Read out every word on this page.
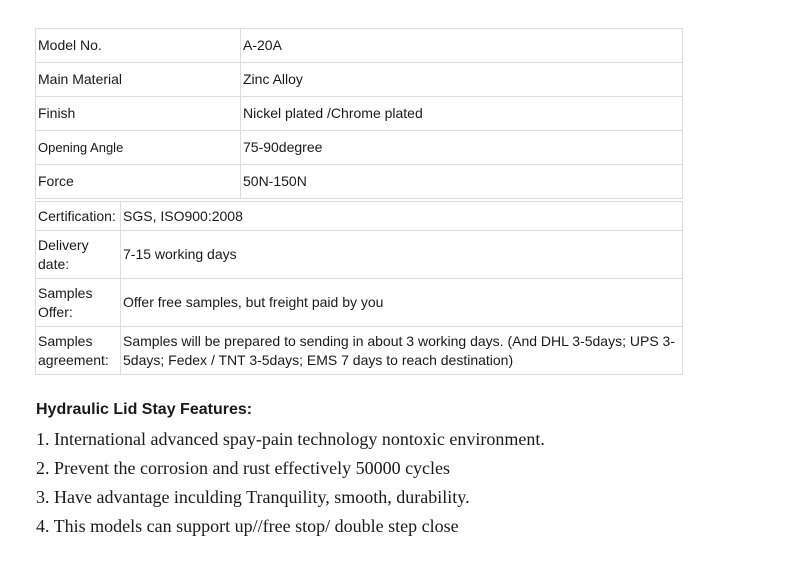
Model No.	A-20A
Main Material	Zinc Alloy
Finish	Nickel plated /Chrome plated
Opening Angle	75-90degree
Force	50N-150N
Certification:	SGS, ISO900:2008
Delivery date:	7-15 working days
Samples Offer:	Offer free samples, but freight paid by you
Samples agreement:	Samples will be prepared to sending in about 3 working days. (And DHL 3-5days; UPS 3-5days; Fedex / TNT 3-5days; EMS 7 days to reach destination)
Hydraulic Lid Stay Features:
1. International advanced spay-pain technology nontoxic environment.
2. Prevent the corrosion and rust effectively 50000 cycles
3. Have advantage inculding Tranquility, smooth, durability.
4. This models can support up//free stop/ double step close
